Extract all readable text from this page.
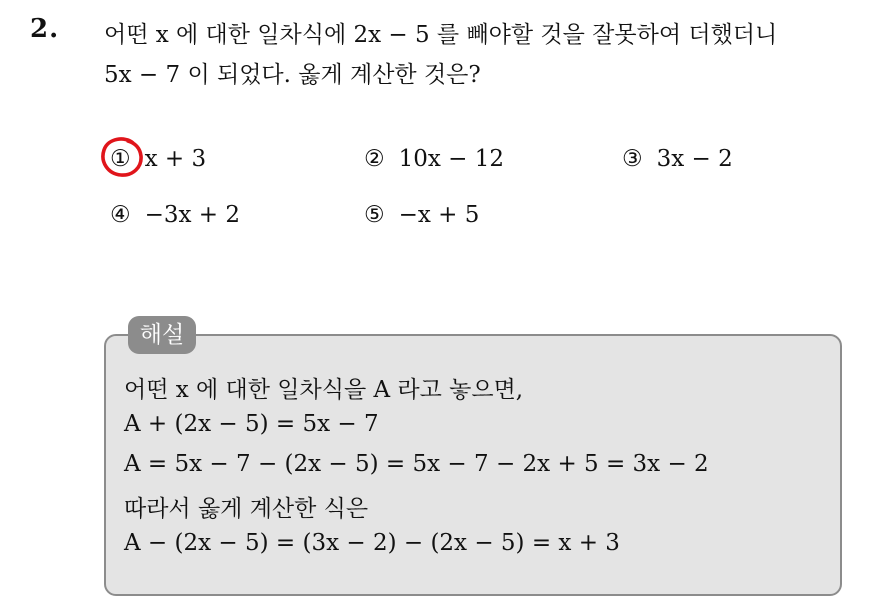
2. 어떤 x 에 대한 일차식에 2x − 5 를 빼야할 것을 잘못하여 더했더니
5x − 7 이 되었다. 옳게 계산한 것은?
① x + 3	② 10x − 12	③ 3x − 2
④ −3x + 2	⑤ −x + 5
해설
어떤 x 에 대한 일차식을 A 라고 놓으면,
A + (2x − 5) = 5x − 7
A = 5x − 7 − (2x − 5) = 5x − 7 − 2x + 5 = 3x − 2
따라서 옳게 계산한 식은
A − (2x − 5) = (3x − 2) − (2x − 5) = x + 3
